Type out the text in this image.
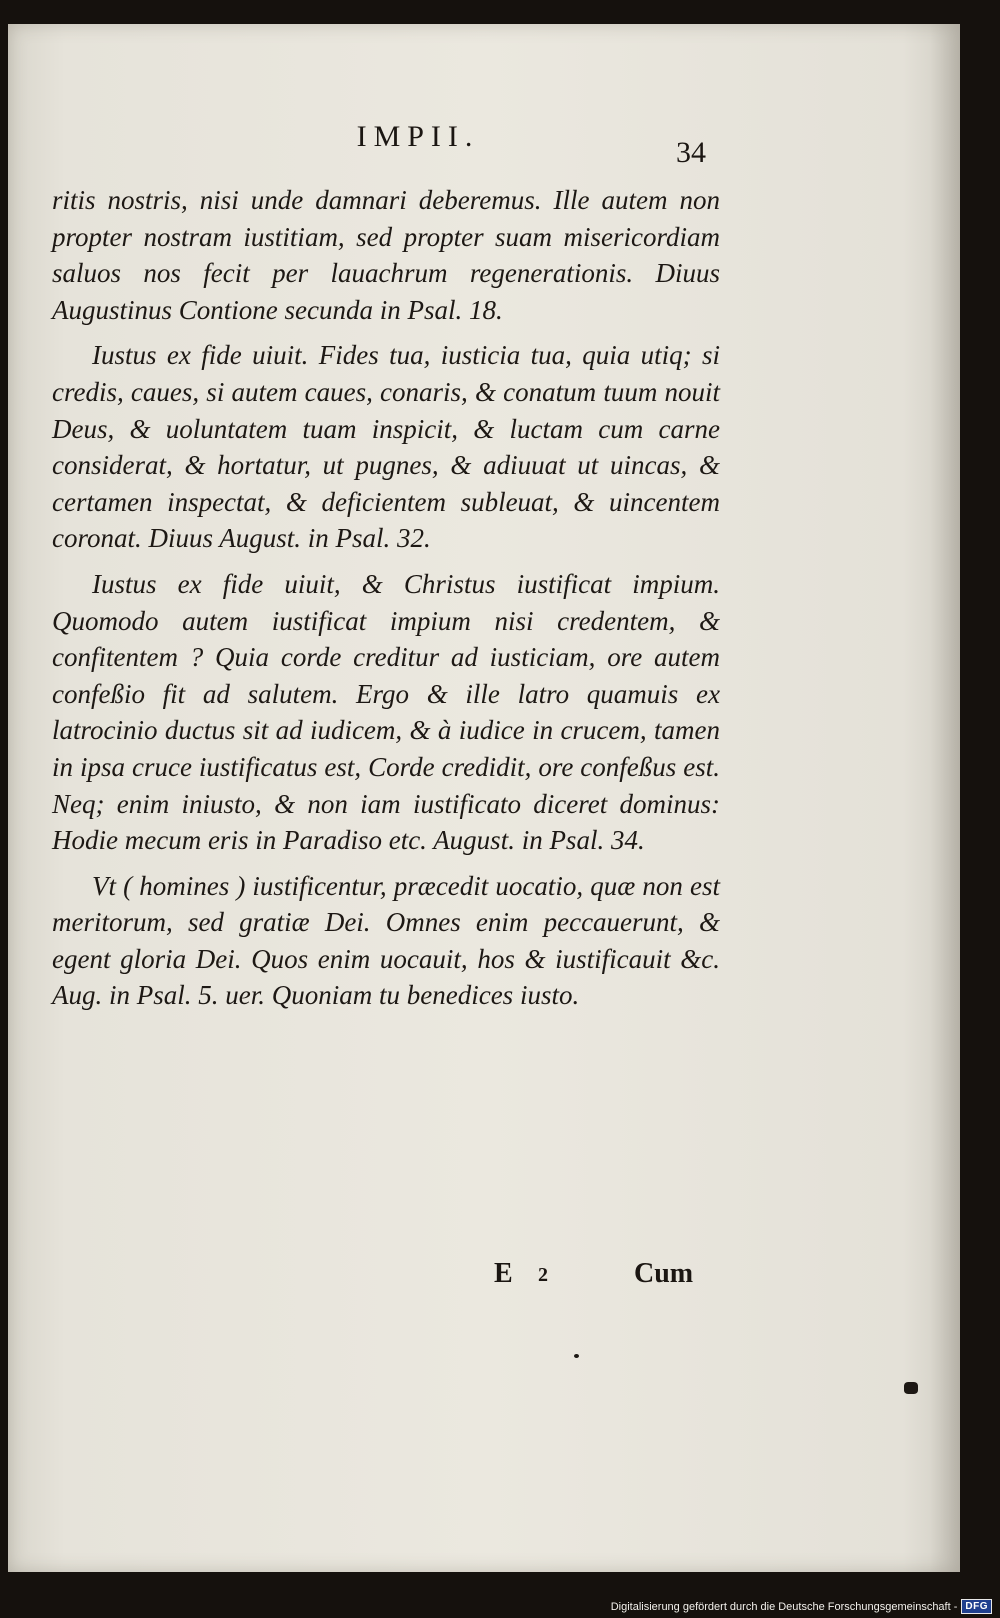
IMPII.	34

ritis nostris, nisi unde damnari deberemus. Ille autem non propter nostram iustitiam, sed propter suam misericordiam saluos nos fecit per lauachrum regenerationis. Diuus Augustinus Contione secunda in Psal. 18.

Iustus ex fide uiuit. Fides tua, iusticia tua, quia utiq; si credis, caues, si autem caues, conaris, & conatum tuum nouit Deus, & uoluntatem tuam inspicit, & luctam cum carne considerat, & hortatur, ut pugnes, & adiuuat ut uincas, & certamen inspectat, & deficientem subleuat, & uincentem coronat. Diuus August. in Psal. 32.

Iustus ex fide uiuit, & Christus iustificat impium. Quomodo autem iustificat impium nisi credentem, & confitentem ? Quia corde creditur ad iusticiam, ore autem confeßio fit ad salutem. Ergo & ille latro quamuis ex latrocinio ductus sit ad iudicem, & à iudice in crucem, tamen in ipsa cruce iustificatus est, Corde credidit, ore confeßus est. Neq; enim iniusto, & non iam iustificato diceret dominus: Hodie mecum eris in Paradiso etc. August. in Psal. 34.

Vt ( homines ) iustificentur, præcedit uocatio, quæ non est meritorum, sed gratiæ Dei. Omnes enim peccauerunt, & egent gloria Dei. Quos enim uocauit, hos & iustificauit &c. Aug. in Psal. 5. uer. Quoniam tu benedices iusto.

E 2	Cum
Digitalisierung gefördert durch die Deutsche Forschungsgemeinschaft - DFG
